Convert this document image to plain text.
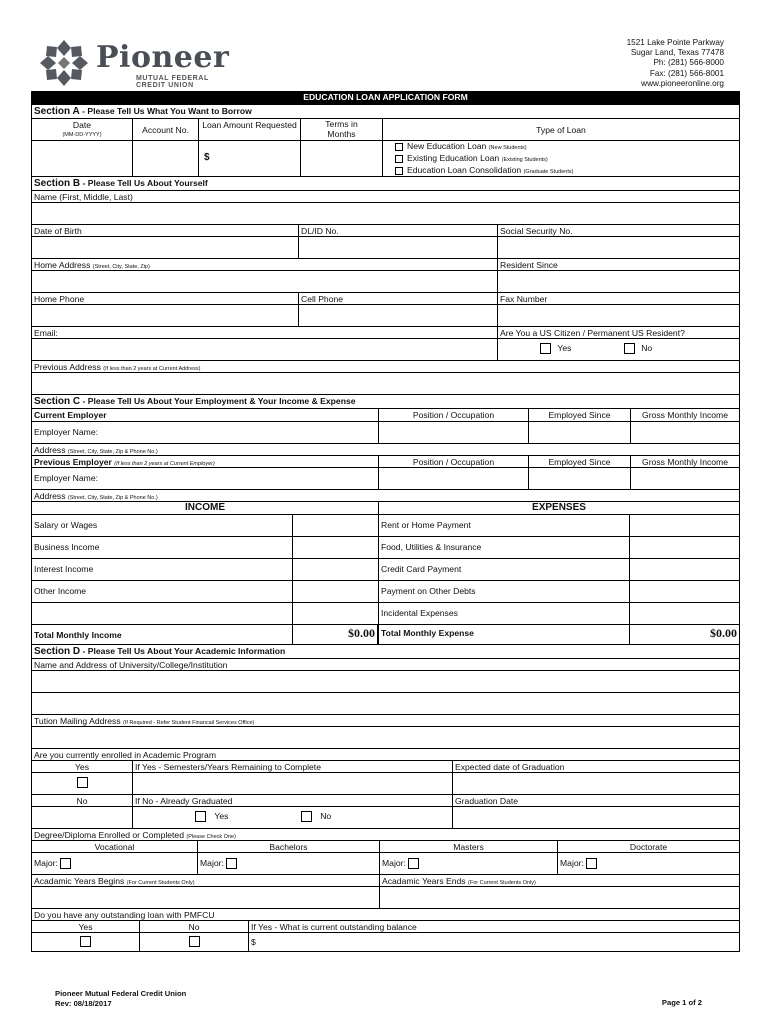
Pioneer
MUTUAL FEDERAL CREDIT UNION
1521 Lake Pointe Parkway
Sugar Land, Texas 77478
Ph: (281) 566-8000
Fax: (281) 566-8001
www.pioneeronline.org
EDUCATION LOAN APPLICATION FORM
Section A - Please Tell Us What You Want to Borrow
Date
(MM-DD-YYYY)	Account No.	Loan Amount Requested	Terms in Months	Type of Loan
$
New Education Loan (New Students)
Existing Education Loan (Existing Students)
Education Loan Consolidation (Graduate Students)
Section B - Please Tell Us About Yourself
Name (First, Middle, Last)
Date of Birth	DL/ID No.	Social Security No.
Home Address (Street, City, State, Zip)	Resident Since
Home Phone	Cell Phone	Fax Number
Email:	Are You a US Citizen / Permanent US Resident?
Yes	No
Previous Address (If less than 2 years at Current Address)
Section C - Please Tell Us About Your Employment & Your Income & Expense
Current Employer	Position / Occupation	Employed Since	Gross Monthly Income
Employer Name:
Address (Street, City, State, Zip & Phone No.)
Previous Employer (If less than 2 years at Current Employer)	Position / Occupation	Employed Since	Gross Monthly Income
Employer Name:
Address (Street, City, State, Zip & Phone No.)
INCOME	EXPENSES
Salary or Wages	Rent or Home Payment
Business Income	Food, Utilities & Insurance
Interest Income	Credit Card Payment
Other Income	Payment on Other Debts
Incidental Expenses
Total Monthly Income	$0.00 Total Monthly Expense	$0.00
Section D - Please Tell Us About Your Academic Information
Name and Address of University/College/Institution
Tution Mailing Address (If Required - Refer Student Financail Services Office)
Are you currently enrolled in Academic Program
Yes	If Yes - Semesters/Years Remaining to Complete	Expected date of Graduation
No	If No - Already Graduated	Graduation Date
Yes	No
Degree/Diploma Enrolled or Completed (Please Check One)
Vocational	Bachelors	Masters	Doctorate
Major:	Major:	Major:	Major:
Acadamic Years Begins (For Current Students Only)	Acadamic Years Ends (For Current Students Only)
Do you have any outstanding loan with PMFCU
Yes	No	If Yes - What is current outstanding balance
$
Pioneer Mutual Federal Credit Union
Rev: 08/18/2017	Page 1 of 2
